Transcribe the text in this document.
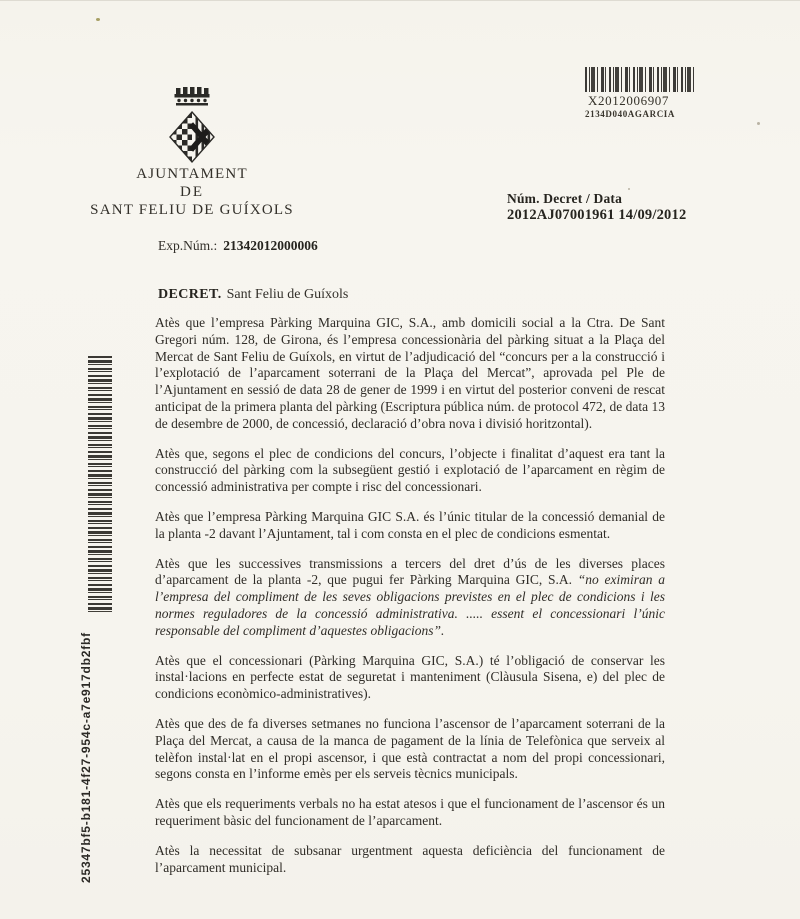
X2012006907
2134D040AGARCIA
AJUNTAMENT
DE
SANT FELIU DE GUÍXOLS
Núm. Decret / Data
2012AJ07001961 14/09/2012
Exp.Núm.: 21342012000006
DECRET. Sant Feliu de Guíxols

Atès que l’empresa Pàrking Marquina GIC, S.A., amb domicili social a la Ctra. De Sant Gregori núm. 128, de Girona, és l’empresa concessionària del pàrking situat a la Plaça del Mercat de Sant Feliu de Guíxols, en virtut de l’adjudicació del “concurs per a la construcció i l’explotació de l’aparcament soterrani de la Plaça del Mercat”, aprovada pel Ple de l’Ajuntament en sessió de data 28 de gener de 1999 i en virtut del posterior conveni de rescat anticipat de la primera planta del pàrking (Escriptura pública núm. de protocol 472, de data 13 de desembre de 2000, de concessió, declaració d’obra nova i divisió horitzontal).

Atès que, segons el plec de condicions del concurs, l’objecte i finalitat d’aquest era tant la construcció del pàrking com la subsegüent gestió i explotació de l’aparcament en règim de concessió administrativa per compte i risc del concessionari.

Atès que l’empresa Pàrking Marquina GIC S.A. és l’únic titular de la concessió demanial de la planta -2 davant l’Ajuntament, tal i com consta en el plec de condicions esmentat.

Atès que les successives transmissions a tercers del dret d’ús de les diverses places d’aparcament de la planta -2, que pugui fer Pàrking Marquina GIC, S.A. “no eximiran a l’empresa del compliment de les seves obligacions previstes en el plec de condicions i les normes reguladores de la concessió administrativa. ..... essent el concessionari l’únic responsable del compliment d’aquestes obligacions”.

Atès que el concessionari (Pàrking Marquina GIC, S.A.) té l’obligació de conservar les instal·lacions en perfecte estat de seguretat i manteniment (Clàusula Sisena, e) del plec de condicions econòmico-administratives).

Atès que des de fa diverses setmanes no funciona l’ascensor de l’aparcament soterrani de la Plaça del Mercat, a causa de la manca de pagament de la línia de Telefònica que serveix al telèfon instal·lat en el propi ascensor, i que està contractat a nom del propi concessionari, segons consta en l’informe emès per els serveis tècnics municipals.

Atès que els requeriments verbals no ha estat atesos i que el funcionament de l’ascensor és un requeriment bàsic del funcionament de l’aparcament.

Atès la necessitat de subsanar urgentment aquesta deficiència del funcionament de l’aparcament municipal.

25347bf5-b181-4f27-954c-a7e917db2fbf
